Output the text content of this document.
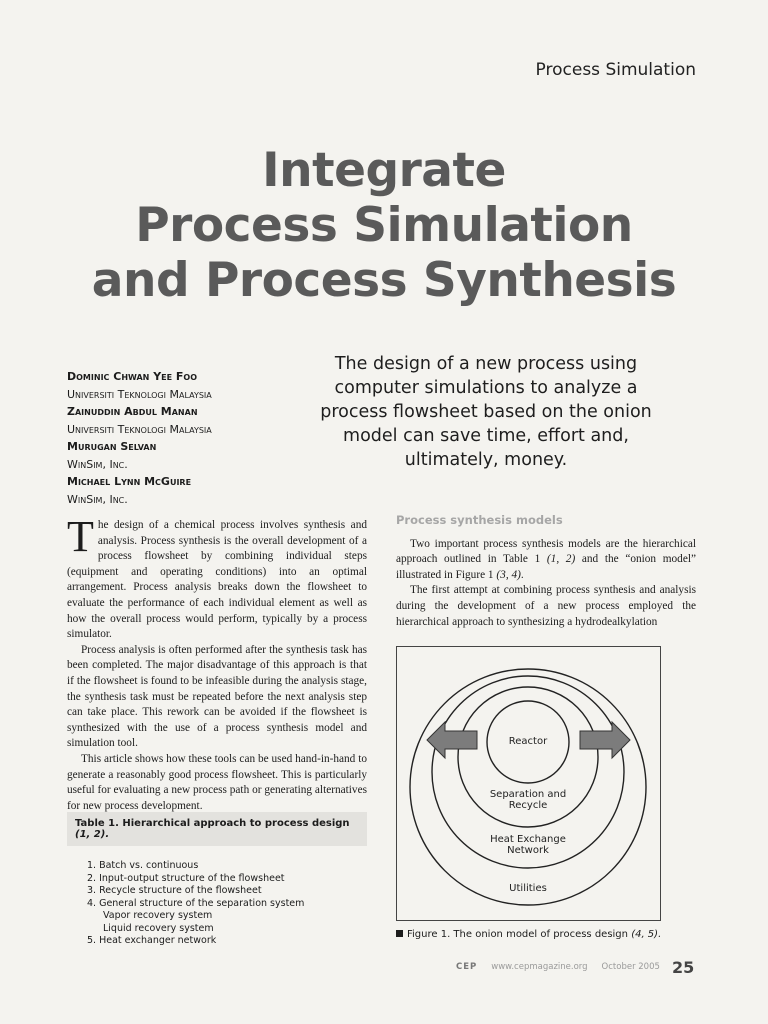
Process Simulation
Integrate
Process Simulation
and Process Synthesis
Dominic Chwan Yee Foo
Universiti Teknologi Malaysia
Zainuddin Abdul Manan
Universiti Teknologi Malaysia
Murugan Selvan
WinSim, Inc.
Michael Lynn McGuire
WinSim, Inc.
The design of a new process using computer simulations to analyze a process flowsheet based on the onion model can save time, effort and, ultimately, money.

The design of a chemical process involves synthesis and analysis. Process synthesis is the overall development of a process flowsheet by combining individual steps (equipment and operating conditions) into an optimal arrangement. Process analysis breaks down the flowsheet to evaluate the performance of each individual element as well as how the overall process would perform, typically by a process simulator.

Process analysis is often performed after the synthesis task has been completed. The major disadvantage of this approach is that if the flowsheet is found to be infeasible during the analysis stage, the synthesis task must be repeated before the next analysis step can take place. This rework can be avoided if the flowsheet is synthesized with the use of a process synthesis model and simulation tool.

This article shows how these tools can be used hand-in-hand to generate a reasonably good process flowsheet. This is particularly useful for evaluating a new process path or generating alternatives for new process development.

Table 1. Hierarchical approach to process design (1, 2).
1. Batch vs. continuous
2. Input-output structure of the flowsheet
3. Recycle structure of the flowsheet
4. General structure of the separation system
Vapor recovery system
Liquid recovery system
5. Heat exchanger network
Process synthesis models

Two important process synthesis models are the hierarchical approach outlined in Table 1 (1, 2) and the “onion model” illustrated in Figure 1 (3, 4).

The first attempt at combining process synthesis and analysis during the development of a new process employed the hierarchical approach to synthesizing a hydrodealkylation

Reactor
Separation and
Recycle
Heat Exchange
Network
Utilities
Figure 1. The onion model of process design (4, 5).
CEP www.cepmagazine.org October 2005 25
